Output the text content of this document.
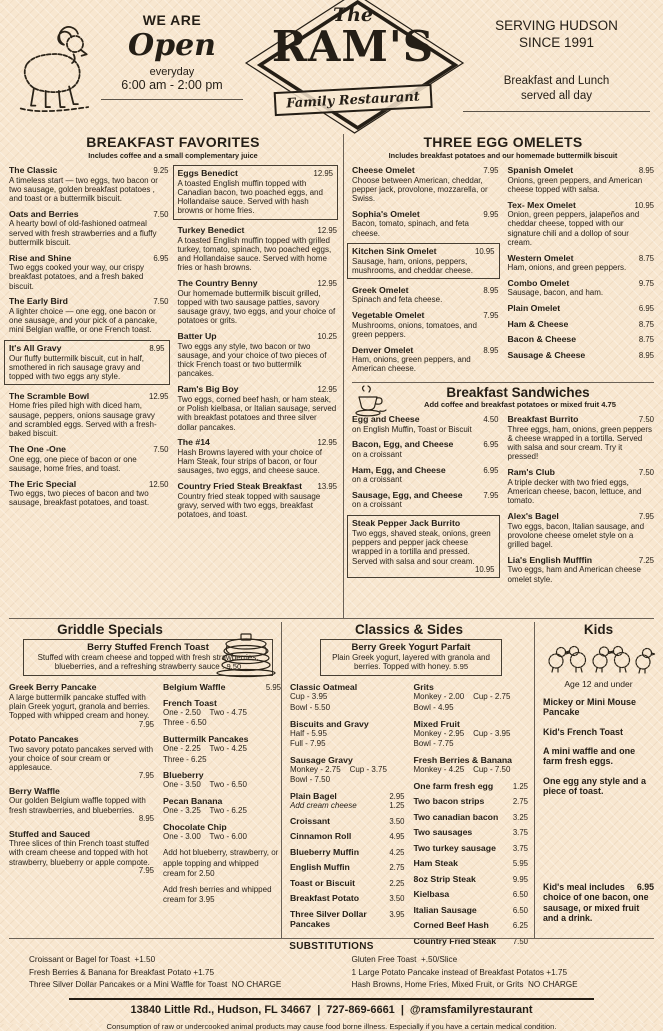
WE ARE
Open
everyday
6:00 am - 2:00 pm
The
RAM'S
Family Restaurant
SERVING HUDSON
SINCE 1991
Breakfast and Lunch
served all day
BREAKFAST FAVORITES
Includes coffee and a small complementary juice
The Classic	9.25
A timeless start — two eggs, two bacon or two sausage, golden breakfast potatoes , and toast or a buttermilk biscuit.
Oats and Berries	7.50
A hearty bowl of old-fashioned oatmeal served with fresh strawberries and a fluffy buttermilk biscuit.
Rise and Shine	6.95
Two eggs cooked your way, our crispy breakfast potatoes, and a fresh baked biscuit.
The Early Bird	7.50
A lighter choice — one egg, one bacon or one sausage, and your pick of a pancake, mini Belgian waffle, or one French toast.
It's All Gravy	8.95
Our fluffy buttermilk biscuit, cut in half, smothered in rich sausage gravy and topped with two eggs any style.
The Scramble Bowl	12.95
Home fries piled high with diced ham, sausage, peppers, onions sausage gravy and scrambled eggs. Served with a fresh-baked biscuit.
The One -One	7.50
One egg, one piece of bacon or one sausage, home fries, and toast.
The Eric Special	12.50
Two eggs, two pieces of bacon and two sausage, breakfast potatoes, and toast.
Eggs Benedict	12.95
A toasted English muffin topped with Canadian bacon, two poached eggs, and Hollandaise sauce. Served with hash browns or home fries.
Turkey Benedict	12.95
A toasted English muffin topped with grilled turkey, tomato, spinach, two poached eggs, and Hollandaise sauce. Served with home fries or hash browns.
The Country Benny	12.95
Our homemade buttermilk biscuit grilled, topped with two sausage patties, savory sausage gravy, two eggs, and your choice of potatoes or grits.
Batter Up	10.25
Two eggs any style, two bacon or two sausage, and your choice of two pieces of thick French toast or two buttermilk pancakes.
Ram's Big Boy	12.95
Two eggs, corned beef hash, or ham steak, or Polish kielbasa, or Italian sausage, served with breakfast potatoes and three silver dollar pancakes.
The #14	12.95
Hash Browns layered with your choice of Ham Steak, four strips of bacon, or four sausages, two eggs, and cheese sauce.
Country Fried Steak Breakfast	13.95
Country fried steak topped with sausage gravy, served with two eggs, breakfast potatoes, and toast.
THREE EGG OMELETS
Includes breakfast potatoes and our homemade buttermilk biscuit
Cheese Omelet	7.95
Choose between American, cheddar, pepper jack, provolone, mozzarella, or Swiss.
Sophia's Omelet	9.95
Bacon, tomato, spinach, and feta cheese.
Kitchen Sink Omelet	10.95
Sausage, ham, onions, peppers, mushrooms, and cheddar cheese.
Greek Omelet	8.95
Spinach and feta cheese.
Vegetable Omelet	7.95
Mushrooms, onions, tomatoes, and green peppers.
Denver Omelet	8.95
Ham, onions, green peppers, and American cheese.
Spanish Omelet	8.95
Onions, green peppers, and American cheese topped with salsa.
Tex- Mex Omelet	10.95
Onion, green peppers, jalapeños and cheddar cheese, topped with our signature chili and a dollop of sour cream.
Western Omelet	8.75
Ham, onions, and green peppers.
Combo Omelet	9.75
Sausage, bacon, and ham.
Plain Omelet	6.95
Ham & Cheese	8.75
Bacon & Cheese	8.75
Sausage & Cheese	8.95
Breakfast Sandwiches
Add coffee and breakfast potatoes or mixed fruit 4.75
Egg and Cheese	4.50
on English Muffin, Toast or Biscuit
Bacon, Egg, and Cheese	6.95
on a croissant
Ham, Egg, and Cheese	6.95
on a croissant
Sausage, Egg, and Cheese	7.95
on a croissant
Steak Pepper Jack Burrito
Two eggs, shaved steak, onions, green peppers and pepper jack cheese wrapped in a tortilla and pressed. Served with salsa and sour cream.
10.95
Breakfast Burrito	7.50
Three eggs, ham, onions, green peppers & cheese wrapped in a tortilla. Served with salsa and sour cream. Try it pressed!
Ram's Club	7.50
A triple decker with two fried eggs, American cheese, bacon, lettuce, and tomato.
Alex's Bagel	7.95
Two eggs, bacon, Italian sausage, and provolone cheese omelet style on a grilled bagel.
Lia's English Mufffin	7.25
Two eggs, ham and American cheese omelet style.
Griddle Specials
Berry Stuffed French Toast
Stuffed with cream cheese and topped with fresh strawberries, blueberries, and a refreshing strawberry sauce . 9.50
Greek Berry Pancake
A large buttermilk pancake stuffed with plain Greek yogurt, granola and berries. Topped with whipped cream and honey.
7.95
Potato Pancakes
Two savory potato pancakes served with your choice of sour cream or applesauce.
7.95
Berry Waffle
Our golden Belgium waffle topped with fresh strawberries, and blueberries.
8.95
Stuffed and Sauced
Three slices of thin French toast stuffed with cream cheese and topped with hot strawberry, blueberry or apple compote.
7.95
Belgium Waffle	5.95
French Toast
One - 2.50    Two - 4.75
Three - 6.50
Buttermilk Pancakes
One - 2.25    Two - 4.25
Three - 6.25
Blueberry
One - 3.50    Two - 6.50
Pecan Banana
One - 3.25    Two - 6.25
Chocolate Chip
One - 3.00    Two - 6.00
Add hot blueberry, strawberry, or apple topping and whipped cream for 2.50
Add fresh berries and whipped cream for 3.95
Classics & Sides
Berry Greek Yogurt Parfait
Plain Greek yogurt, layered with granola and berries. Topped with honey. 5.95
Classic Oatmeal
Cup - 3.95
Bowl - 5.50
Biscuits and Gravy
Half - 5.95
Full - 7.95
Sausage Gravy
Monkey - 2.75    Cup - 3.75
Bowl - 7.50
Plain Bagel	2.95
Add cream cheese	1.25
Croissant	3.50
Cinnamon Roll	4.95
Blueberry Muffin	4.25
English Muffin	2.75
Toast or Biscuit	2.25
Breakfast Potato	3.50
Three Silver Dollar Pancakes
3.95
Grits
Monkey - 2.00    Cup - 2.75
Bowl - 4.95
Mixed Fruit
Monkey - 2.95    Cup - 3.95
Bowl - 7.75
Fresh Berries & Banana
Monkey - 4.25    Cup - 7.50
One farm fresh egg	1.25
Two bacon strips	2.75
Two canadian bacon	3.25
Two sausages	3.75
Two turkey sausage	3.75
Ham Steak	5.95
8oz Strip Steak	9.95
Kielbasa	6.50
Italian Sausage	6.50
Corned Beef Hash	6.25
Country Fried Steak	7.50
Kids
Age 12 and under
Mickey or Mini Mouse Pancake
Kid's French Toast
A mini waffle and one farm fresh eggs.
One egg any style and a piece of toast.
6.95
Kid's meal includes choice of one bacon, one sausage, or mixed fruit and a drink.
SUBSTITUTIONS
Croissant or Bagel for Toast  +1.50
Fresh Berries & Banana for Breakfast Potato +1.75
Three Silver Dollar Pancakes or a Mini Waffle for Toast  NO CHARGE
Gluten Free Toast  +.50/Slice
1 Large Potato Pancake instead of Breakfast Potatos +1.75
Hash Browns, Home Fries, Mixed Fruit, or Grits  NO CHARGE
13840 Little Rd., Hudson, FL 34667 | 727-869-6661 | @ramsfamilyrestaurant
Consumption of raw or undercooked animal products may cause food borne illness. Especially if you have a certain medical condition.
